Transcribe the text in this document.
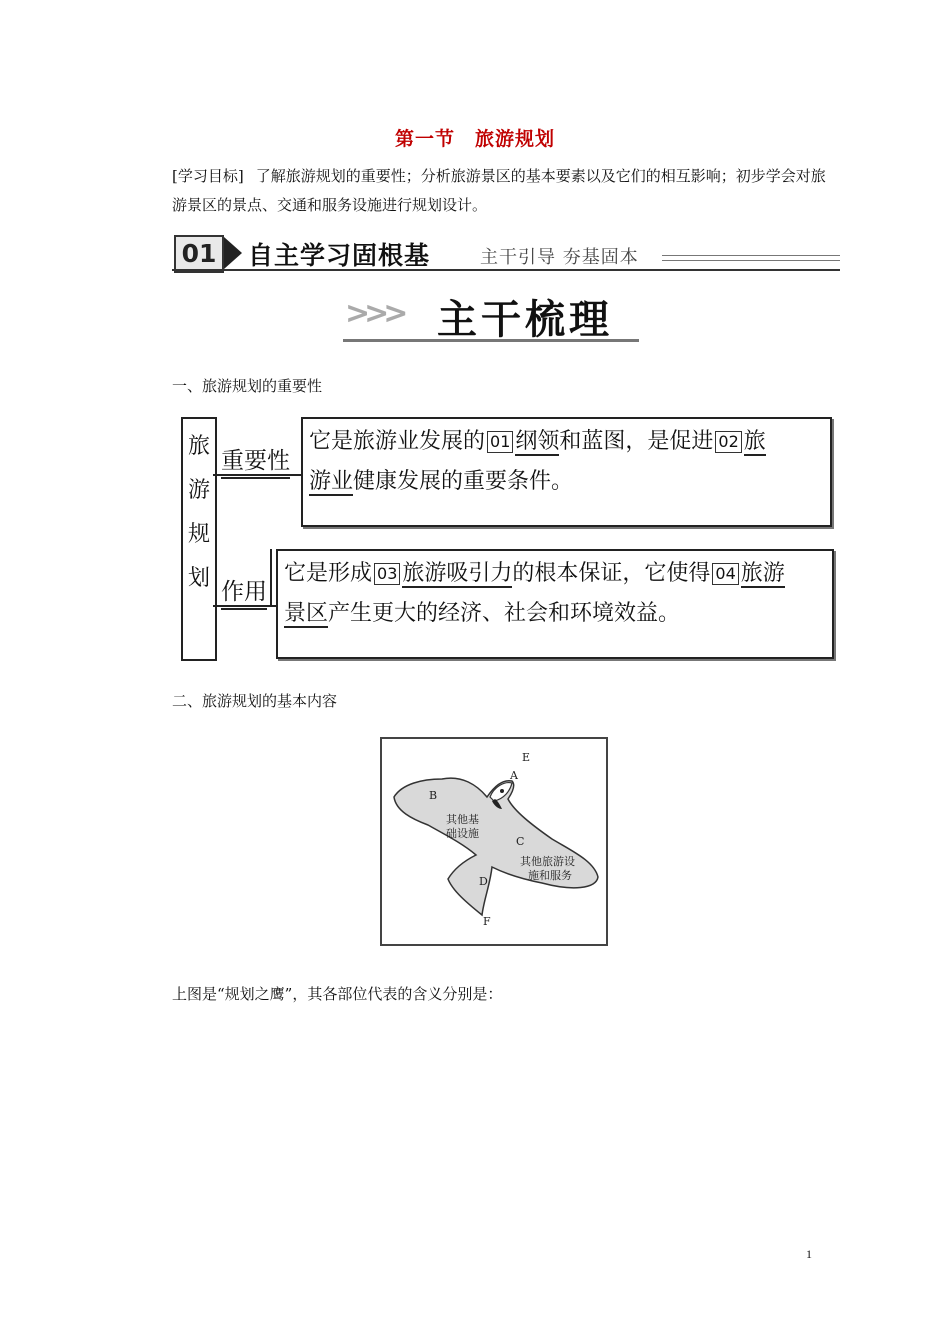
第一节　旅游规划
[学习目标] 了解旅游规划的重要性；分析旅游景区的基本要素以及它们的相互影响；初步学会对旅游景区的景点、交通和服务设施进行规划设计。
01	自主学习固根基	主干引导 夯基固本
>>> 主干梳理
一、旅游规划的重要性
旅
游
规
划
重要性
作用
它是旅游业发展的 01 纲领和蓝图，是促进 02 旅
游业健康发展的重要条件。
它是形成 03 旅游吸引力的根本保证，它使得 04 旅游
景区产生更大的经济、社会和环境效益。
二、旅游规划的基本内容
E
A
B
其他基
础设施
C
其他旅游设
施和服务
D
F
上图是“规划之鹰”，其各部位代表的含义分别是：
1
